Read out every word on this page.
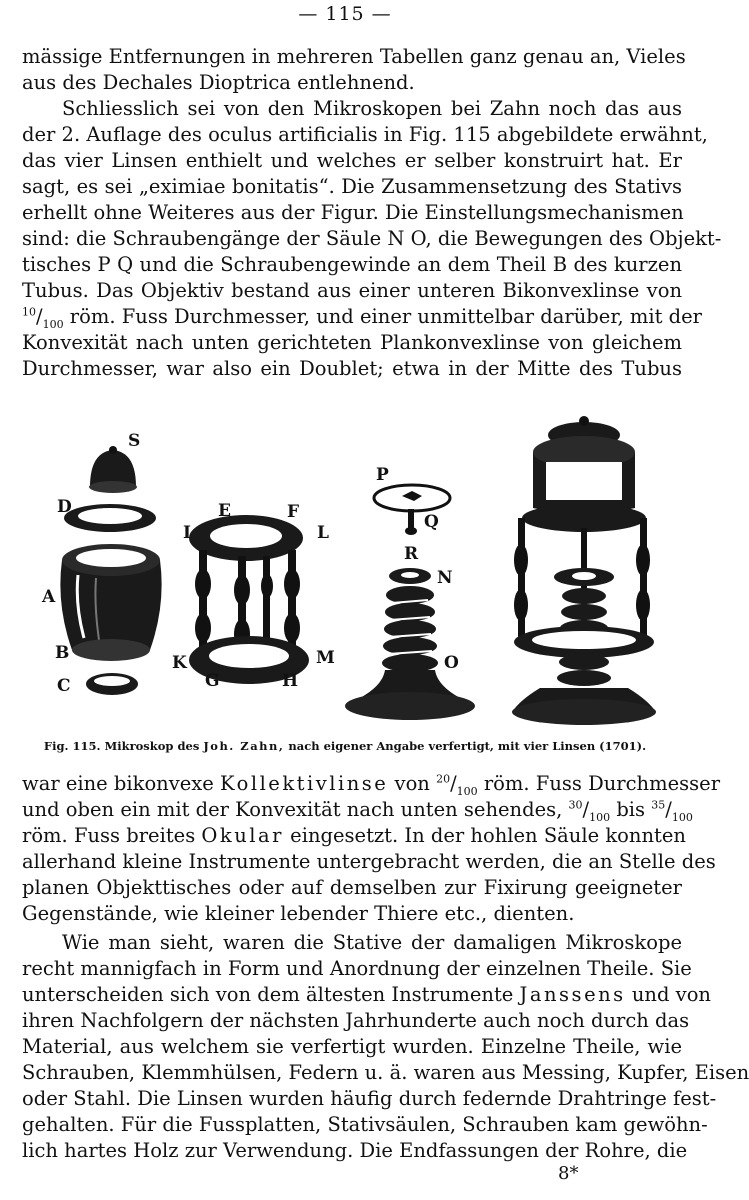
— 115 —
mässige Entfernungen in mehreren Tabellen ganz genau an, Vieles
aus des Dechales Dioptrica entlehnend.
Schliesslich sei von den Mikroskopen bei Zahn noch das aus
der 2. Auflage des oculus artificialis in Fig. 115 abgebildete erwähnt,
das vier Linsen enthielt und welches er selber konstruirt hat. Er
sagt, es sei „eximiae bonitatis“. Die Zusammensetzung des Stativs
erhellt ohne Weiteres aus der Figur. Die Einstellungsmechanismen
sind: die Schraubengänge der Säule N O, die Bewegungen des Objekt-
tisches P Q und die Schraubengewinde an dem Theil B des kurzen
Tubus. Das Objektiv bestand aus einer unteren Bikonvexlinse von
$^{10}/_{100}$ röm. Fuss Durchmesser, und einer unmittelbar darüber, mit der
Konvexität nach unten gerichteten Plankonvexlinse von gleichem
Durchmesser, war also ein Doublet; etwa in der Mitte des Tubus
S
D
A
B
C
E	F
I	L
K
G	H
M
P
Q
R
N
O
Fig. 115. Mikroskop des Joh. Zahn, nach eigener Angabe verfertigt, mit vier Linsen (1701).
war eine bikonvexe Kollektivlinse von $^{20}/_{100}$ röm. Fuss Durchmesser
und oben ein mit der Konvexität nach unten sehendes, $^{30}/_{100}$ bis $^{35}/_{100}$
röm. Fuss breites Okular eingesetzt. In der hohlen Säule konnten
allerhand kleine Instrumente untergebracht werden, die an Stelle des
planen Objekttisches oder auf demselben zur Fixirung geeigneter
Gegenstände, wie kleiner lebender Thiere etc., dienten.
Wie man sieht, waren die Stative der damaligen Mikroskope
recht mannigfach in Form und Anordnung der einzelnen Theile. Sie
unterscheiden sich von dem ältesten Instrumente Janssens und von
ihren Nachfolgern der nächsten Jahrhunderte auch noch durch das
Material, aus welchem sie verfertigt wurden. Einzelne Theile, wie
Schrauben, Klemmhülsen, Federn u. ä. waren aus Messing, Kupfer, Eisen
oder Stahl. Die Linsen wurden häufig durch federnde Drahtringe fest-
gehalten. Für die Fussplatten, Stativsäulen, Schrauben kam gewöhn-
lich hartes Holz zur Verwendung. Die Endfassungen der Rohre, die
8*
